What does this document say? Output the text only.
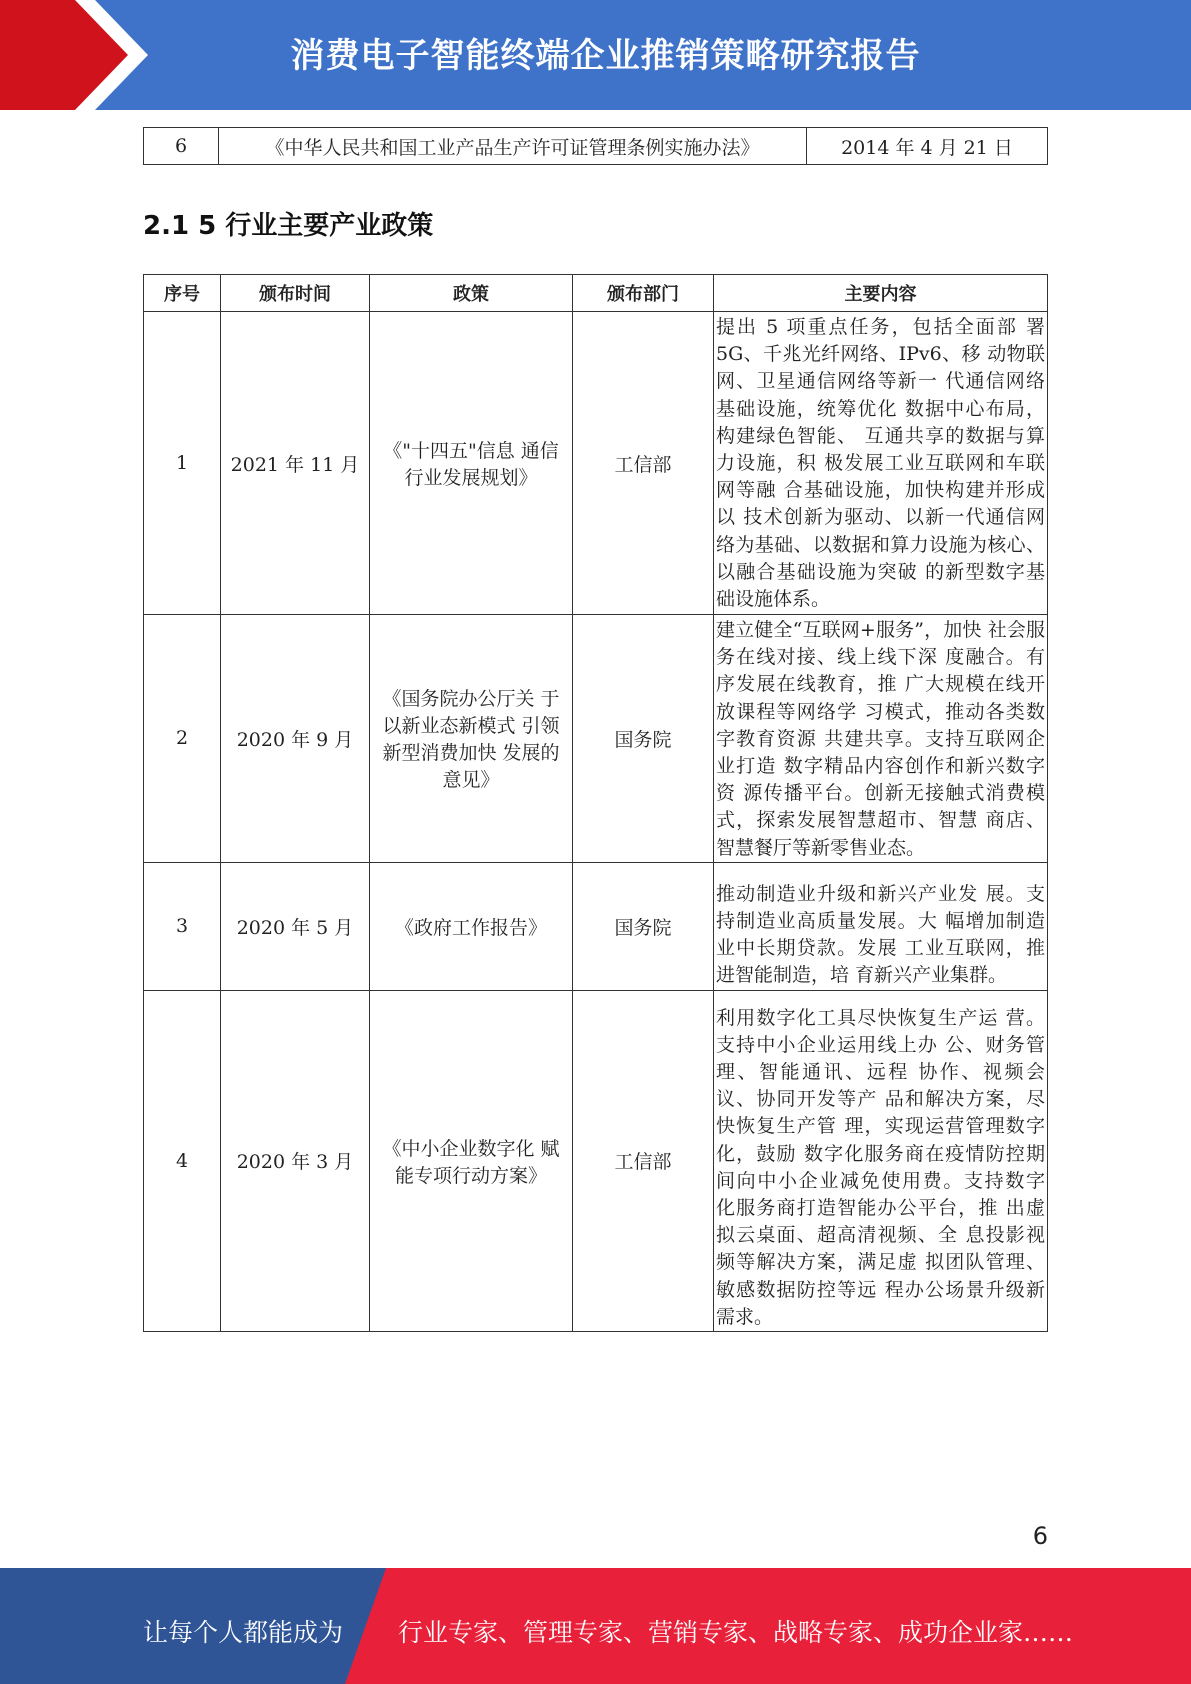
消费电子智能终端企业推销策略研究报告
6	《中华人民共和国工业产品生产许可证管理条例实施办法》	2014 年 4 月 21 日
2.1 5 行业主要产业政策
序号	颁布时间	政策	颁布部门	主要内容
1	2021 年 11 月	《"十四五"信息 通信行业发展规划》	工信部	提出 5 项重点任务，包括全面部 署 5G、千兆光纤网络、IPv6、移 动物联网、卫星通信网络等新一 代通信网络基础设施，统筹优化 数据中心布局，构建绿色智能、 互通共享的数据与算力设施，积 极发展工业互联网和车联网等融 合基础设施，加快构建并形成以 技术创新为驱动、以新一代通信网络为基础、以数据和算力设施为核心、以融合基础设施为突破 的新型数字基础设施体系。
2	2020 年 9 月	《国务院办公厅关 于以新业态新模式 引领新型消费加快 发展的意见》	国务院	建立健全“互联网+服务”，加快 社会服务在线对接、线上线下深 度融合。有序发展在线教育，推 广大规模在线开放课程等网络学 习模式，推动各类数字教育资源 共建共享。支持互联网企业打造 数字精品内容创作和新兴数字资 源传播平台。创新无接触式消费模式，探索发展智慧超市、智慧 商店、智慧餐厅等新零售业态。
3	2020 年 5 月	《政府工作报告》	国务院	推动制造业升级和新兴产业发 展。支持制造业高质量发展。大 幅增加制造业中长期贷款。发展 工业互联网，推进智能制造，培 育新兴产业集群。
4	2020 年 3 月	《中小企业数字化 赋能专项行动方案》	工信部	利用数字化工具尽快恢复生产运 营。支持中小企业运用线上办 公、财务管理、智能通讯、远程 协作、视频会议、协同开发等产 品和解决方案，尽快恢复生产管 理，实现运营管理数字化，鼓励 数字化服务商在疫情防控期间向中小企业减免使用费。支持数字 化服务商打造智能办公平台，推 出虚拟云桌面、超高清视频、全 息投影视频等解决方案，满足虚 拟团队管理、敏感数据防控等远 程办公场景升级新需求。
6
让每个人都能成为 行业专家、管理专家、营销专家、战略专家、成功企业家……
